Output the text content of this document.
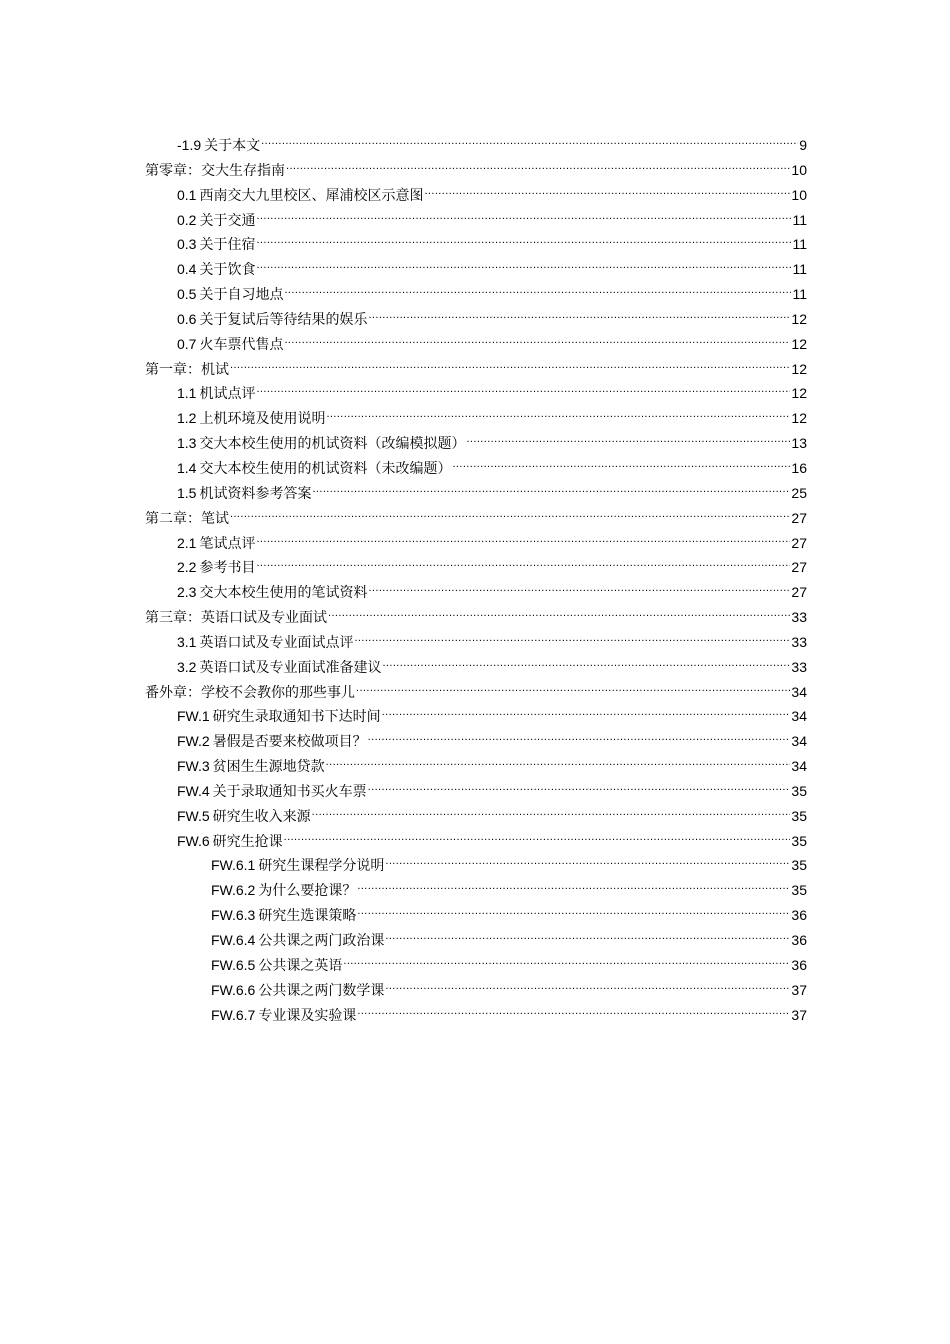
-1.9 关于本文 .....	9
第零章：交大生存指南 .....	10
0.1 西南交大九里校区、犀浦校区示意图 .....	10
0.2 关于交通 .....	11
0.3 关于住宿 .....	11
0.4 关于饮食 .....	11
0.5 关于自习地点 .....	11
0.6 关于复试后等待结果的娱乐 .....	12
0.7 火车票代售点 .....	12
第一章：机试 .....	12
1.1 机试点评 .....	12
1.2 上机环境及使用说明 .....	12
1.3 交大本校生使用的机试资料（改编模拟题） .....	13
1.4 交大本校生使用的机试资料（未改编题） .....	16
1.5 机试资料参考答案 .....	25
第二章：笔试 .....	27
2.1 笔试点评 .....	27
2.2 参考书目 .....	27
2.3 交大本校生使用的笔试资料 .....	27
第三章：英语口试及专业面试 .....	33
3.1 英语口试及专业面试点评 .....	33
3.2 英语口试及专业面试准备建议 .....	33
番外章：学校不会教你的那些事儿 .....	34
FW.1 研究生录取通知书下达时间 .....	34
FW.2 暑假是否要来校做项目？ .....	34
FW.3 贫困生生源地贷款 .....	34
FW.4 关于录取通知书买火车票 .....	35
FW.5 研究生收入来源 .....	35
FW.6 研究生抢课 .....	35
FW.6.1 研究生课程学分说明 .....	35
FW.6.2 为什么要抢课？ .....	35
FW.6.3 研究生选课策略 .....	36
FW.6.4 公共课之两门政治课 .....	36
FW.6.5 公共课之英语 .....	36
FW.6.6 公共课之两门数学课 .....	37
FW.6.7 专业课及实验课 .....	37
